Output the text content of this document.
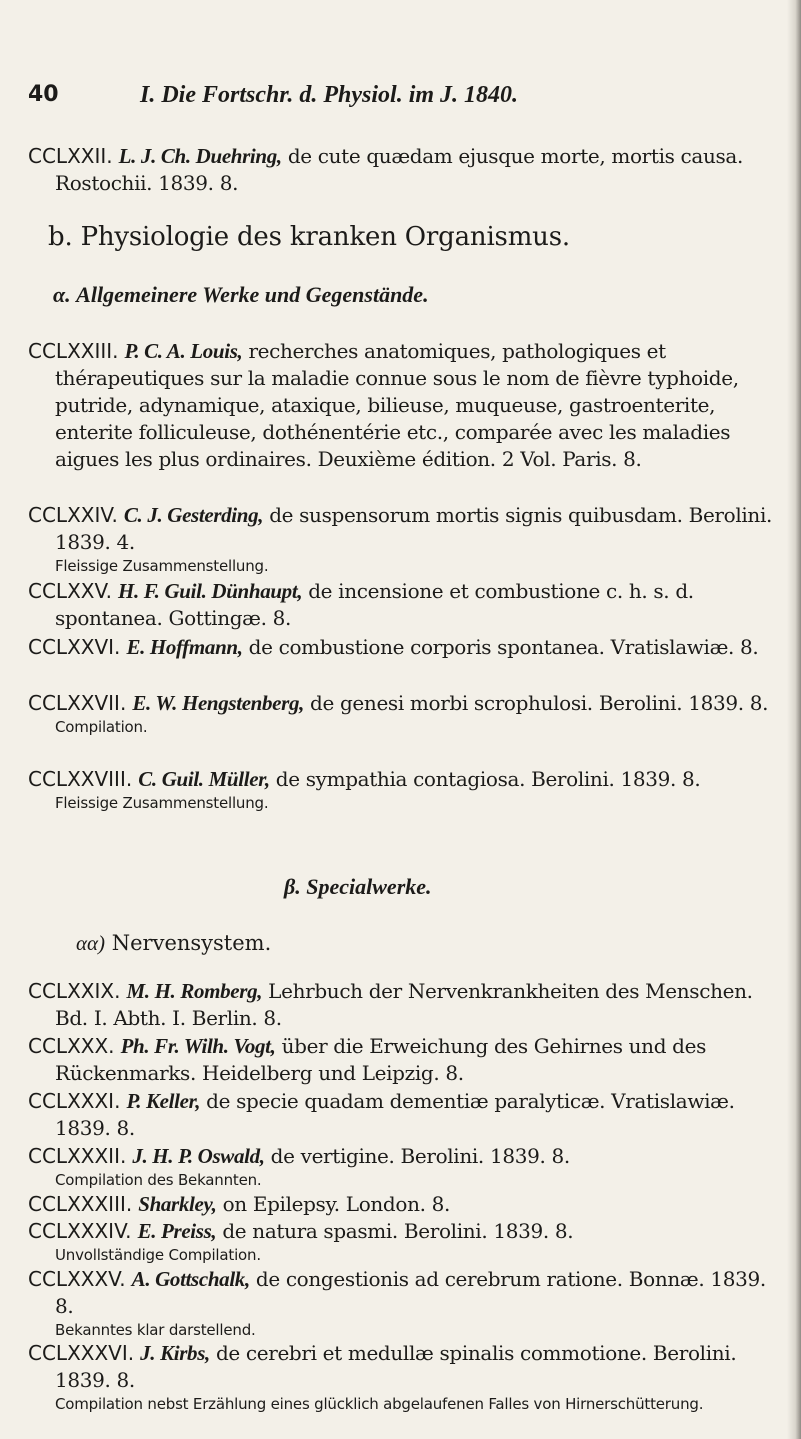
40	I. Die Fortschr. d. Physiol. im J. 1840.
CCLXXII. L. J. Ch. Duehring, de cute quædam ejusque morte, mortis causa. Rostochii. 1839. 8.
b. Physiologie des kranken Organismus.
α. Allgemeinere Werke und Gegenstände.
CCLXXIII. P. C. A. Louis, recherches anatomiques, pathologiques et thérapeutiques sur la maladie connue sous le nom de fièvre typhoide, putride, adynamique, ataxique, bilieuse, muqueuse, gastroenterite, enterite folliculeuse, dothénentérie etc., comparée avec les maladies aigues les plus ordinaires. Deuxième édition. 2 Vol. Paris. 8.
CCLXXIV. C. J. Gesterding, de suspensorum mortis signis quibusdam. Berolini. 1839. 4.
Fleissige Zusammenstellung.
CCLXXV. H. F. Guil. Dünhaupt, de incensione et combustione c. h. s. d. spontanea. Gottingæ. 8.
CCLXXVI. E. Hoffmann, de combustione corporis spontanea. Vratislawiæ. 8.
CCLXXVII. E. W. Hengstenberg, de genesi morbi scrophulosi. Berolini. 1839. 8.
Compilation.
CCLXXVIII. C. Guil. Müller, de sympathia contagiosa. Berolini. 1839. 8.
Fleissige Zusammenstellung.
β. Specialwerke.
αα) Nervensystem.
CCLXXIX. M. H. Romberg, Lehrbuch der Nervenkrankheiten des Menschen. Bd. I. Abth. I. Berlin. 8.
CCLXXX. Ph. Fr. Wilh. Vogt, über die Erweichung des Gehirnes und des Rückenmarks. Heidelberg und Leipzig. 8.
CCLXXXI. P. Keller, de specie quadam dementiæ paralyticæ. Vratislawiæ. 1839. 8.
CCLXXXII. J. H. P. Oswald, de vertigine. Berolini. 1839. 8.
Compilation des Bekannten.
CCLXXXIII. Sharkley, on Epilepsy. London. 8.
CCLXXXIV. E. Preiss, de natura spasmi. Berolini. 1839. 8.
Unvollständige Compilation.
CCLXXXV. A. Gottschalk, de congestionis ad cerebrum ratione. Bonnæ. 1839. 8.
Bekanntes klar darstellend.
CCLXXXVI. J. Kirbs, de cerebri et medullæ spinalis commotione. Berolini. 1839. 8.
Compilation nebst Erzählung eines glücklich abgelaufenen Falles von Hirnerschütterung.
